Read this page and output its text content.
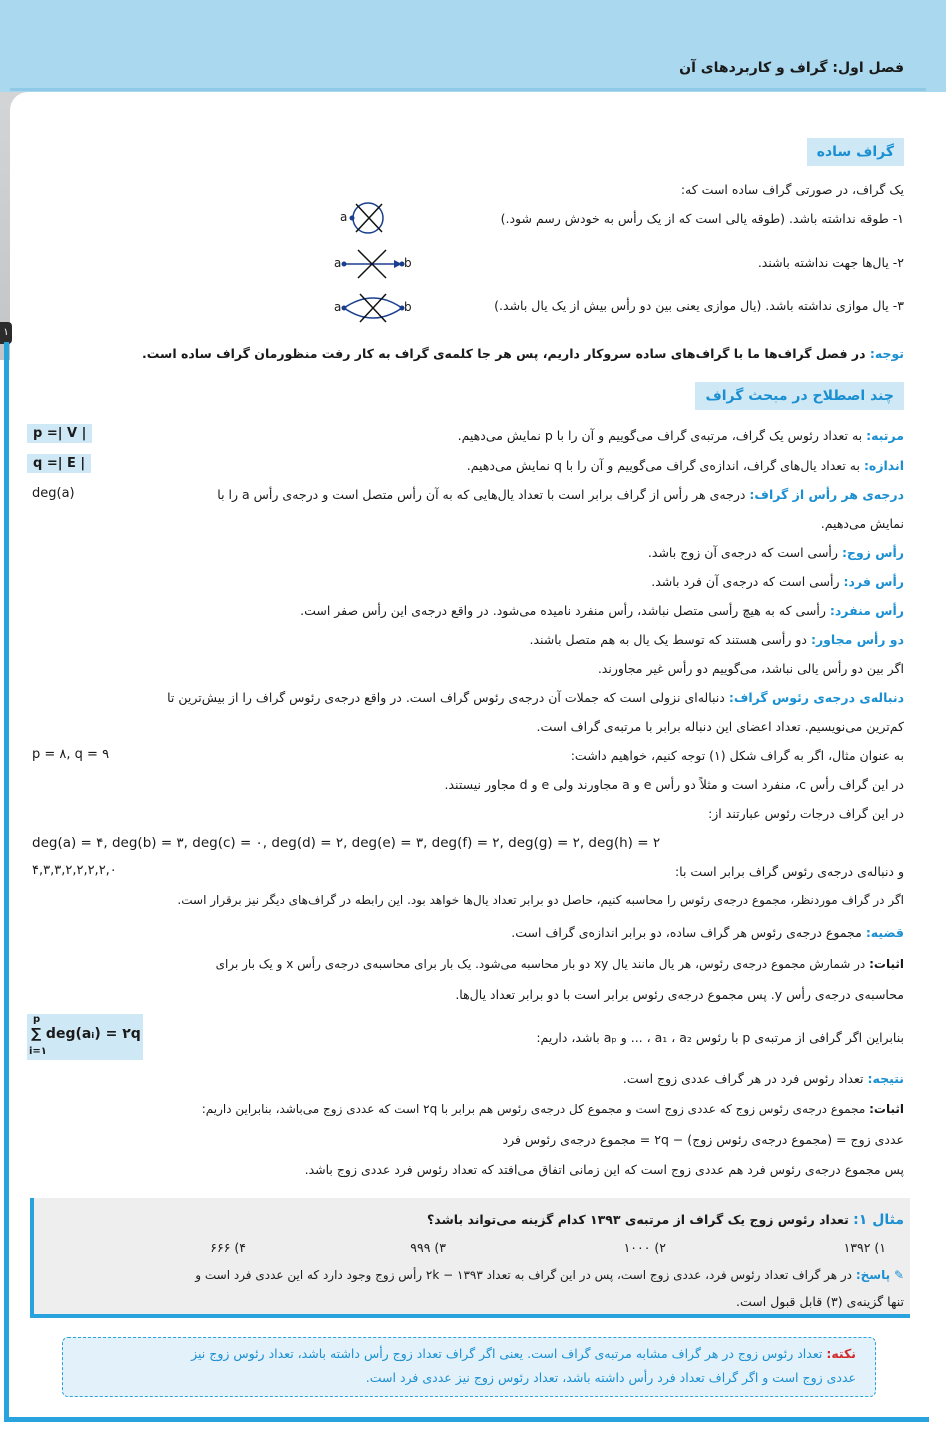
فصل اول: گراف و کاربردهای آن
۱
گراف ساده
یک گراف، در صورتی گراف ساده است که:
۱- طوقه نداشته باشد. (طوقه یالی است که از یک رأس به خودش رسم شود.)
۲- یال‌ها جهت نداشته باشند.
۳- یال موازی نداشته باشد. (یال موازی یعنی بین دو رأس بیش از یک یال باشد.)
a
a	b
a	b
توجه: در فصل گراف‌ها ما با گراف‌های ساده سروکار داریم، پس هر جا کلمه‌ی گراف به کار رفت منظورمان گراف ساده است.
چند اصطلاح در مبحث گراف
مرتبه: به تعداد رئوس یک گراف، مرتبه‌ی گراف می‌گوییم و آن را با p نمایش می‌دهیم.
p =| V |
اندازه: به تعداد یال‌های گراف، اندازه‌ی گراف می‌گوییم و آن را با q نمایش می‌دهیم.
q =| E |
درجه‌ی هر رأس از گراف: درجه‌ی هر رأس از گراف برابر است با تعداد یال‌هایی که به آن رأس متصل است و درجه‌ی رأس a را با
deg(a)
نمایش می‌دهیم.
رأس زوج: رأسی است که درجه‌ی آن زوج باشد.
رأس فرد: رأسی است که درجه‌ی آن فرد باشد.
رأس منفرد: رأسی که به هیچ رأسی متصل نباشد، رأس منفرد نامیده می‌شود. در واقع درجه‌ی این رأس صفر است.
دو رأس مجاور: دو رأسی هستند که توسط یک یال به هم متصل باشند.
اگر بین دو رأس یالی نباشد، می‌گوییم دو رأس غیر مجاورند.
دنباله‌ی درجه‌ی رئوس گراف: دنباله‌ای نزولی است که جملات آن درجه‌ی رئوس گراف است. در واقع درجه‌ی رئوس گراف را از بیش‌ترین تا
کم‌ترین می‌نویسیم. تعداد اعضای این دنباله برابر با مرتبه‌ی گراف است.
به عنوان مثال، اگر به گراف شکل (۱) توجه کنیم، خواهیم داشت:
p = ۸, q = ۹
در این گراف رأس c، منفرد است و مثلاً دو رأس e و a مجاورند ولی e و d مجاور نیستند.
در این گراف درجات رئوس عبارتند از:
deg(a) = ۴, deg(b) = ۳, deg(c) = ۰, deg(d) = ۲, deg(e) = ۳, deg(f) = ۲, deg(g) = ۲, deg(h) = ۲
و دنباله‌ی درجه‌ی رئوس گراف برابر است با:
۴,۳,۳,۲,۲,۲,۲,۰
اگر در گراف موردنظر، مجموع درجه‌ی رئوس را محاسبه کنیم، حاصل دو برابر تعداد یال‌ها خواهد بود. این رابطه در گراف‌های دیگر نیز برقرار است.
قضیه: مجموع درجه‌ی رئوس هر گراف ساده، دو برابر اندازه‌ی گراف است.
اثبات: در شمارش مجموع درجه‌ی رئوس، هر یال مانند یال xy دو بار محاسبه می‌شود. یک بار برای محاسبه‌ی درجه‌ی رأس x و یک بار برای
محاسبه‌ی درجه‌ی رأس y. پس مجموع درجه‌ی رئوس برابر است با دو برابر تعداد یال‌ها.
بنابراین اگر گرافی از مرتبه‌ی p با رئوس a₁ ، a₂ ، ... و aₚ باشد، داریم:
p
∑ deg(aᵢ) = ۲q
i=۱
نتیجه: تعداد رئوس فرد در هر گراف عددی زوج است.
اثبات: مجموع درجه‌ی رئوس زوج که عددی زوج است و مجموع کل درجه‌ی رئوس هم برابر با ۲q است که عددی زوج می‌باشد، بنابراین داریم:
عددی زوج = (مجموع درجه‌ی رئوس زوج) − ۲q = مجموع درجه‌ی رئوس فرد
پس مجموع درجه‌ی رئوس فرد هم عددی زوج است که این زمانی اتفاق می‌افتد که تعداد رئوس فرد عددی زوج باشد.
مثال ۱: تعداد رئوس زوج یک گراف از مرتبه‌ی ۱۳۹۳ کدام گزینه می‌تواند باشد؟
۱) ۱۳۹۲
۲) ۱۰۰۰
۳) ۹۹۹
۴) ۶۶۶
✎ پاسخ: در هر گراف تعداد رئوس فرد، عددی زوج است، پس در این گراف به تعداد ۱۳۹۳ − ۲k رأس زوج وجود دارد که این عددی فرد است و
تنها گزینه‌ی (۳) قابل قبول است.
نکته: تعداد رئوس زوج در هر گراف مشابه مرتبه‌ی گراف است. یعنی اگر گراف تعداد زوج رأس داشته باشد، تعداد رئوس زوج نیز
عددی زوج است و اگر گراف تعداد فرد رأس داشته باشد، تعداد رئوس زوج نیز عددی فرد است.
